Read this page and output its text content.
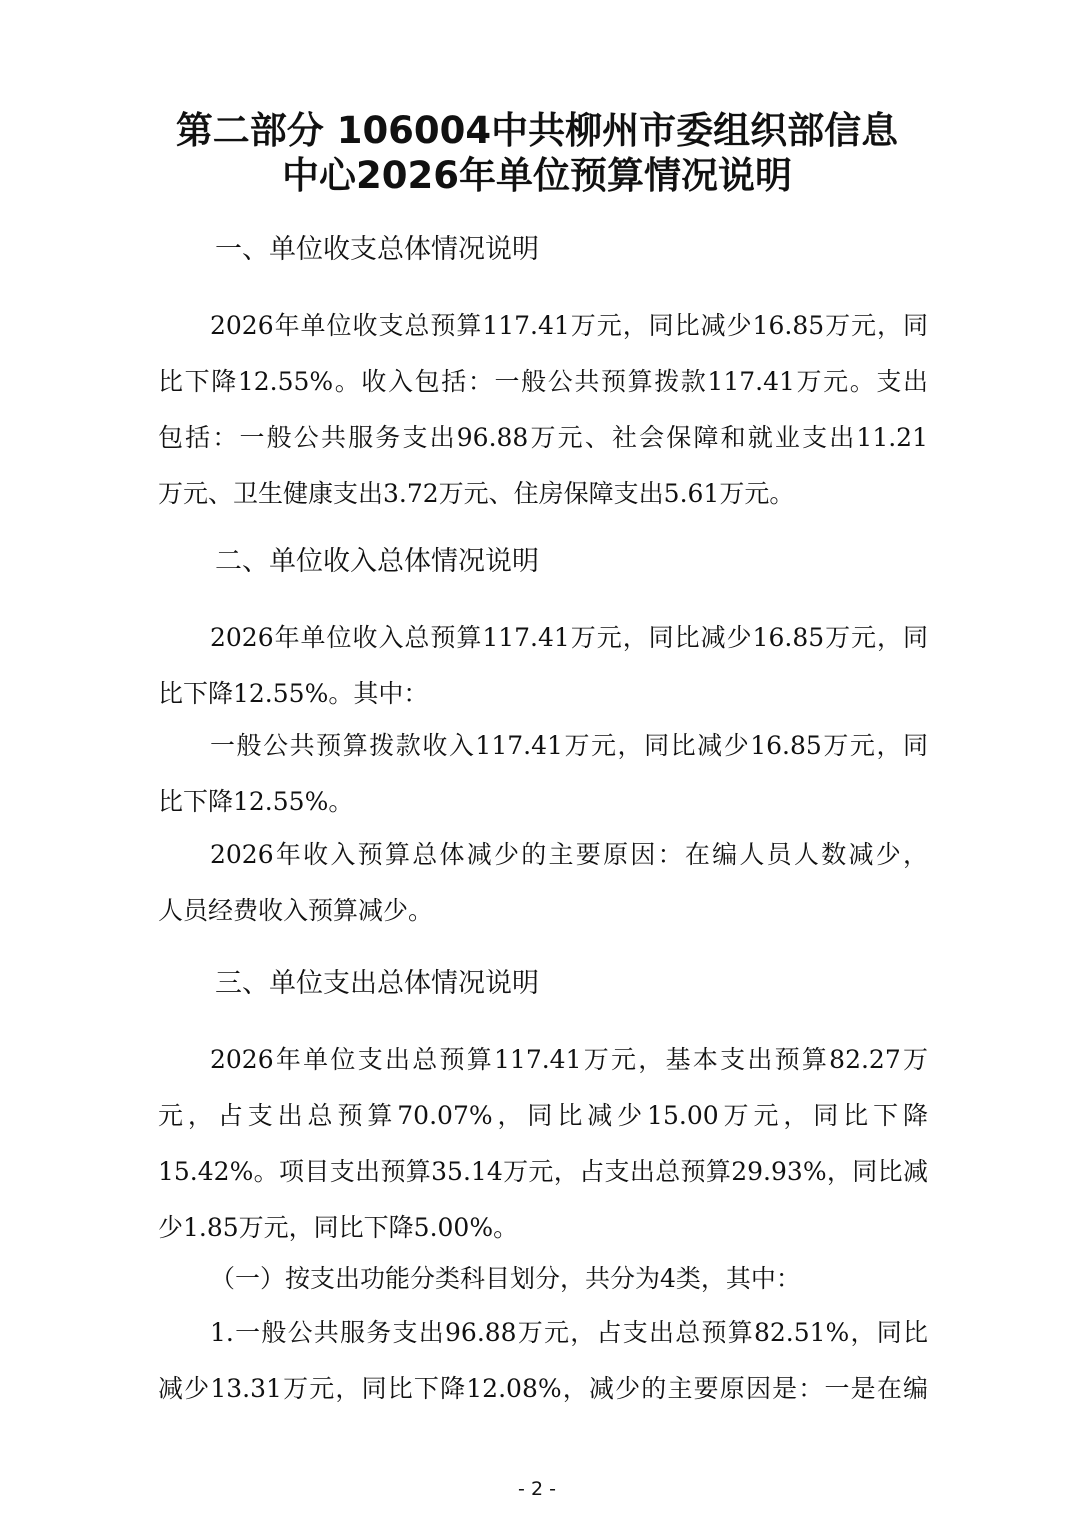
第二部分 106004中共柳州市委组织部信息
中心2026年单位预算情况说明
一、单位收支总体情况说明
2026年单位收支总预算117.41万元，同比减少16.85万元，同
比下降12.55%。收入包括：一般公共预算拨款117.41万元。支出
包括：一般公共服务支出96.88万元、社会保障和就业支出11.21
万元、卫生健康支出3.72万元、住房保障支出5.61万元。
二、单位收入总体情况说明
2026年单位收入总预算117.41万元，同比减少16.85万元，同
比下降12.55%。其中：
一般公共预算拨款收入117.41万元，同比减少16.85万元，同
比下降12.55%。
2026年收入预算总体减少的主要原因：在编人员人数减少，
人员经费收入预算减少。
三、单位支出总体情况说明
2026年单位支出总预算117.41万元，基本支出预算82.27万
元，占支出总预算70.07%，同比减少15.00万元，同比下降
15.42%。项目支出预算35.14万元，占支出总预算29.93%，同比减
少1.85万元，同比下降5.00%。
（一）按支出功能分类科目划分，共分为4类，其中：
1.一般公共服务支出96.88万元，占支出总预算82.51%，同比
减少13.31万元，同比下降12.08%，减少的主要原因是：一是在编
- 2 -
